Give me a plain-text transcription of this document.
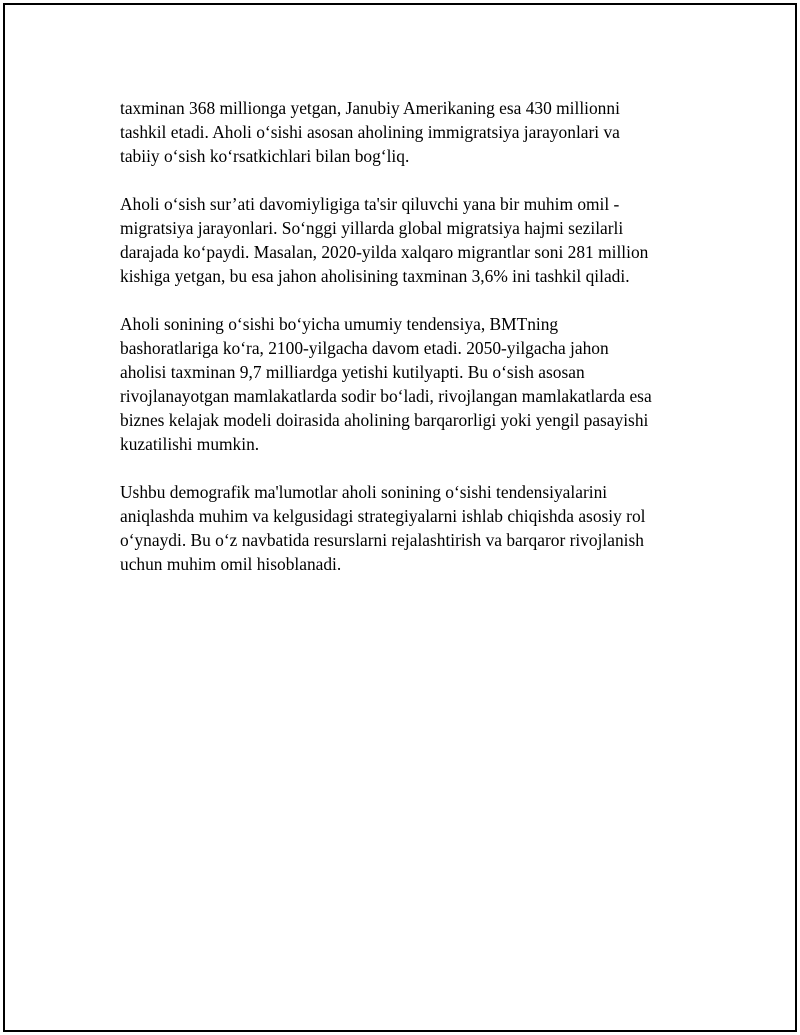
taxminan 368 millionga yetgan, Janubiy Amerikaning esa 430 millionni
tashkil etadi. Aholi o‘sishi asosan aholining immigratsiya jarayonlari va
tabiiy o‘sish ko‘rsatkichlari bilan bog‘liq.

Aholi o‘sish sur’ati davomiyligiga ta'sir qiluvchi yana bir muhim omil -
migratsiya jarayonlari. So‘nggi yillarda global migratsiya hajmi sezilarli
darajada ko‘paydi. Masalan, 2020-yilda xalqaro migrantlar soni 281 million
kishiga yetgan, bu esa jahon aholisining taxminan 3,6% ini tashkil qiladi.

Aholi sonining o‘sishi bo‘yicha umumiy tendensiya, BMTning
bashoratlariga ko‘ra, 2100-yilgacha davom etadi. 2050-yilgacha jahon
aholisi taxminan 9,7 milliardga yetishi kutilyapti. Bu o‘sish asosan
rivojlanayotgan mamlakatlarda sodir bo‘ladi, rivojlangan mamlakatlarda esa
biznes kelajak modeli doirasida aholining barqarorligi yoki yengil pasayishi
kuzatilishi mumkin.

Ushbu demografik ma'lumotlar aholi sonining o‘sishi tendensiyalarini
aniqlashda muhim va kelgusidagi strategiyalarni ishlab chiqishda asosiy rol
o‘ynaydi. Bu o‘z navbatida resurslarni rejalashtirish va barqaror rivojlanish
uchun muhim omil hisoblanadi.
